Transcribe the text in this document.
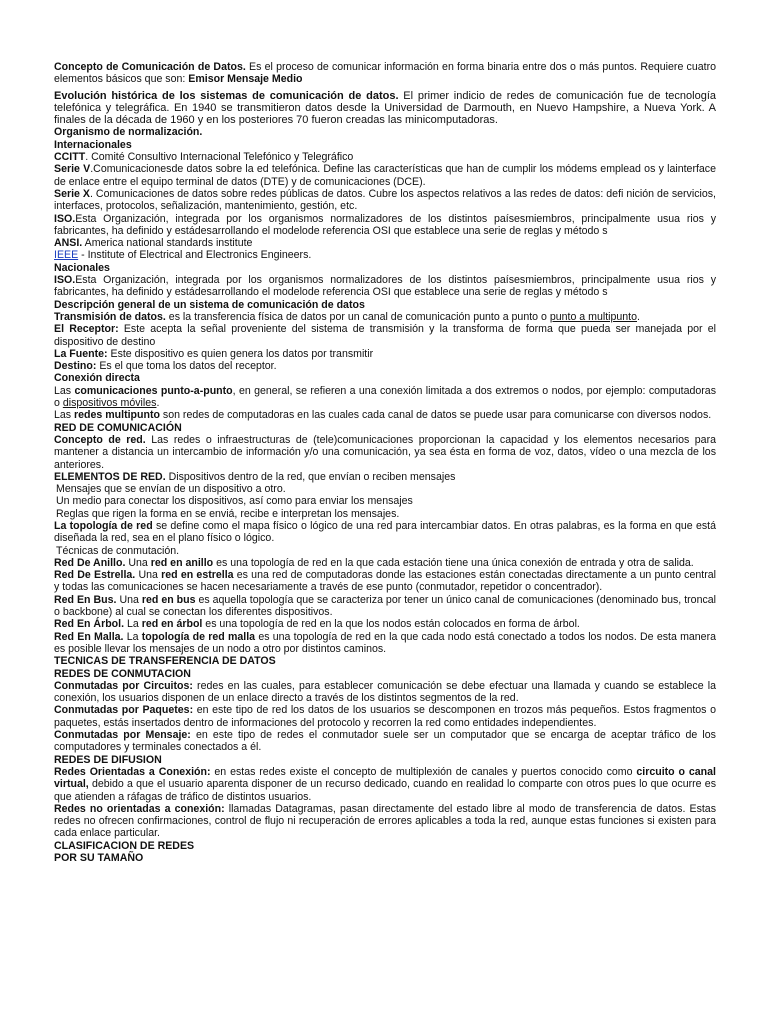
Concepto de Comunicación de Datos. Es el proceso de comunicar información en forma binaria entre dos o más puntos. Requiere cuatro elementos básicos que son: Emisor Mensaje Medio

Evolución histórica de los sistemas de comunicación de datos. El primer indicio de redes de comunicación fue de tecnología telefónica y telegráfica. En 1940 se transmitieron datos desde la Universidad de Darmouth, en Nuevo Hampshire, a Nueva York. A finales de la década de 1960 y en los posteriores 70 fueron creadas las minicomputadoras.

Organismo de normalización.

Internacionales

CCITT. Comité Consultivo Internacional Telefónico y Telegráfico

Serie V.Comunicacionesde datos sobre la ed telefónica. Define las características que han de cumplir los módems emplead os y lainterface de enlace entre el equipo terminal de datos (DTE) y de comunicaciones (DCE).

Serie X. Comunicaciones de datos sobre redes públicas de datos. Cubre los aspectos relativos a las redes de datos: defi nición de servicios, interfaces, protocolos, señalización, mantenimiento, gestión, etc.

ISO.Esta Organización, integrada por los organismos normalizadores de los distintos paísesmiembros, principalmente usua rios y fabricantes, ha definido y estádesarrollando el modelode referencia OSI que establece una serie de reglas y método s

ANSI. America national standards institute

IEEE - Institute of Electrical and Electronics Engineers.

Nacionales

ISO.Esta Organización, integrada por los organismos normalizadores de los distintos paísesmiembros, principalmente usua rios y fabricantes, ha definido y estádesarrollando el modelode referencia OSI que establece una serie de reglas y método s

Descripción general de un sistema de comunicación de datos

Transmisión de datos. es la transferencia física de datos por un canal de comunicación punto a punto o punto a multipunto.

El Receptor: Este acepta la señal proveniente del sistema de transmisión y la transforma de forma que pueda ser manejada por el dispositivo de destino

La Fuente: Este dispositivo es quien genera los datos por transmitir

Destino: Es el que toma los datos del receptor.

Conexión directa

Las comunicaciones punto-a-punto, en general, se refieren a una conexión limitada a dos extremos o nodos, por ejemplo: computadoras o dispositivos móviles.

Las redes multipunto son redes de computadoras en las cuales cada canal de datos se puede usar para comunicarse con diversos nodos.

RED DE COMUNICACIÓN

Concepto de red. Las redes o infraestructuras de (tele)comunicaciones proporcionan la capacidad y los elementos necesarios para mantener a distancia un intercambio de información y/o una comunicación, ya sea ésta en forma de voz, datos, vídeo o una mezcla de los anteriores.

ELEMENTOS DE RED. Dispositivos dentro de la red, que envían o reciben mensajes

Mensajes que se envían de un dispositivo a otro.

Un medio para conectar los dispositivos, así como para enviar los mensajes

Reglas que rigen la forma en se enviá, recibe e interpretan los mensajes.

La topología de red se define como el mapa físico o lógico de una red para intercambiar datos. En otras palabras, es la forma en que está diseñada la red, sea en el plano físico o lógico.

Técnicas de conmutación.

Red De Anillo. Una red en anillo es una topología de red en la que cada estación tiene una única conexión de entrada y otra de salida.

Red De Estrella. Una red en estrella es una red de computadoras donde las estaciones están conectadas directamente a un punto central y todas las comunicaciones se hacen necesariamente a través de ese punto (conmutador, repetidor o concentrador).

Red En Bus. Una red en bus es aquella topología que se caracteriza por tener un único canal de comunicaciones (denominado bus, troncal o backbone) al cual se conectan los diferentes dispositivos.

Red En Árbol. La red en árbol es una topología de red en la que los nodos están colocados en forma de árbol.

Red En Malla. La topología de red malla es una topología de red en la que cada nodo está conectado a todos los nodos. De esta manera es posible llevar los mensajes de un nodo a otro por distintos caminos.

TECNICAS DE TRANSFERENCIA DE DATOS

REDES DE CONMUTACION

Conmutadas por Circuitos: redes en las cuales, para establecer comunicación se debe efectuar una llamada y cuando se establece la conexión, los usuarios disponen de un enlace directo a través de los distintos segmentos de la red.

Conmutadas por Paquetes: en este tipo de red los datos de los usuarios se descomponen en trozos más pequeños. Estos fragmentos o paquetes, estás insertados dentro de informaciones del protocolo y recorren la red como entidades independientes.

Conmutadas por Mensaje: en este tipo de redes el conmutador suele ser un computador que se encarga de aceptar tráfico de los computadores y terminales conectados a él.

REDES DE DIFUSION

Redes Orientadas a Conexión: en estas redes existe el concepto de multiplexión de canales y puertos conocido como circuito o canal virtual, debido a que el usuario aparenta disponer de un recurso dedicado, cuando en realidad lo comparte con otros pues lo que ocurre es que atienden a ráfagas de tráfico de distintos usuarios.

Redes no orientadas a conexión: llamadas Datagramas, pasan directamente del estado libre al modo de transferencia de datos. Estas redes no ofrecen confirmaciones, control de flujo ni recuperación de errores aplicables a toda la red, aunque estas funciones si existen para cada enlace particular.

CLASIFICACION DE REDES

POR SU TAMAÑO
